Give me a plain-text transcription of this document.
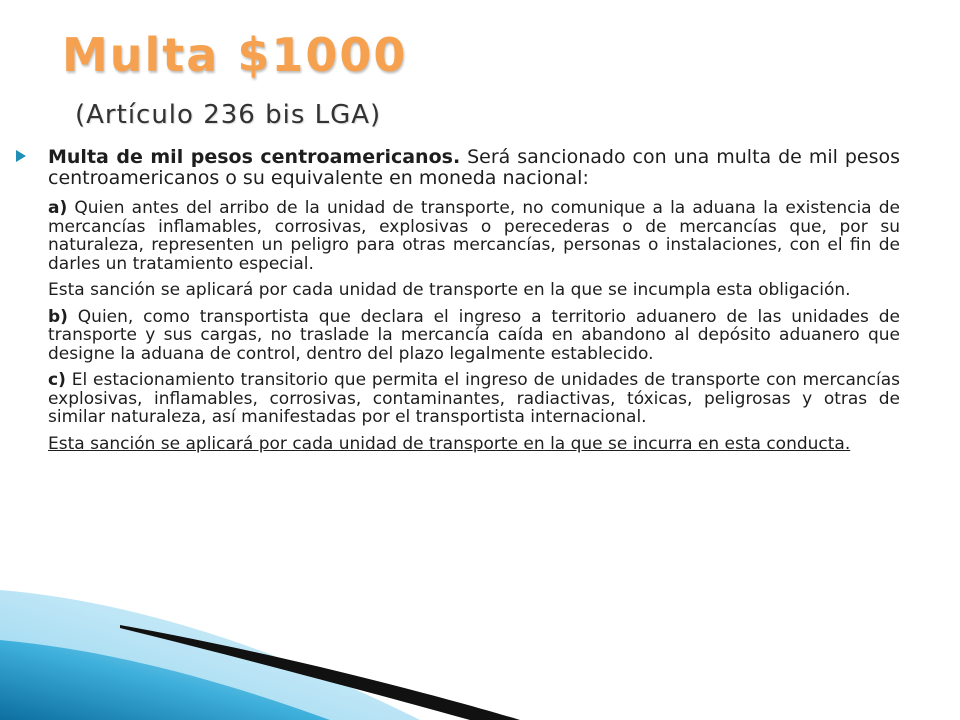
Multa $1000
(Artículo 236 bis LGA)

Multa de mil pesos centroamericanos. Será sancionado con una multa de mil pesos centroamericanos o su equivalente en moneda nacional:

a) Quien antes del arribo de la unidad de transporte, no comunique a la aduana la existencia de mercancías inflamables, corrosivas, explosivas o perecederas o de mercancías que, por su naturaleza, representen un peligro para otras mercancías, personas o instalaciones, con el fin de darles un tratamiento especial.

Esta sanción se aplicará por cada unidad de transporte en la que se incumpla esta obligación.

b) Quien, como transportista que declara el ingreso a territorio aduanero de las unidades de transporte y sus cargas, no traslade la mercancía caída en abandono al depósito aduanero que designe la aduana de control, dentro del plazo legalmente establecido.

c) El estacionamiento transitorio que permita el ingreso de unidades de transporte con mercancías explosivas, inflamables, corrosivas, contaminantes, radiactivas, tóxicas, peligrosas y otras de similar naturaleza, así manifestadas por el transportista internacional.

Esta sanción se aplicará por cada unidad de transporte en la que se incurra en esta conducta.
